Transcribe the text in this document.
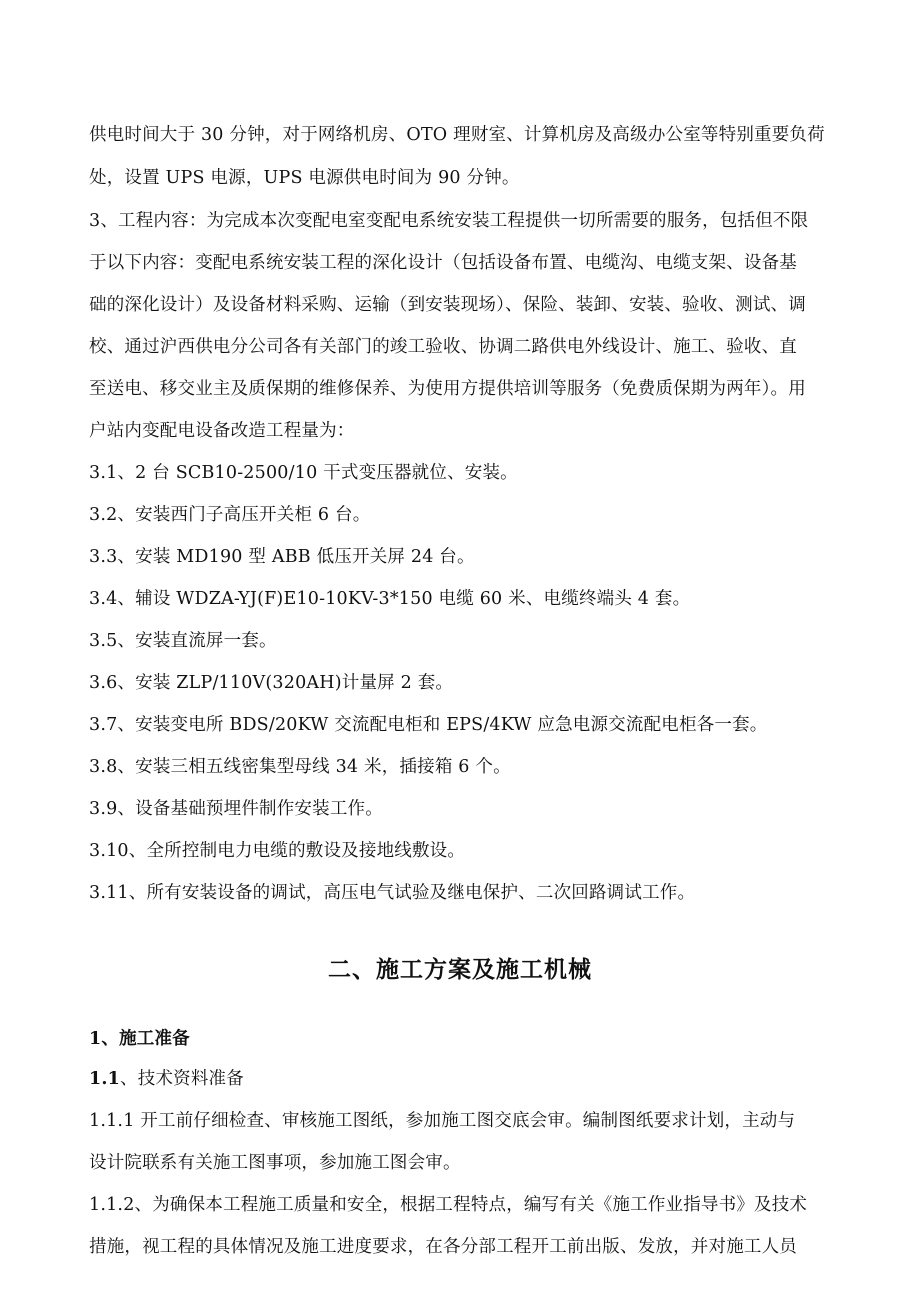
供电时间大于 30 分钟，对于网络机房、OTO 理财室、计算机房及高级办公室等特别重要负荷
处，设置 UPS 电源，UPS 电源供电时间为 90 分钟。
3、工程内容：为完成本次变配电室变配电系统安装工程提供一切所需要的服务，包括但不限
于以下内容：变配电系统安装工程的深化设计（包括设备布置、电缆沟、电缆支架、设备基
础的深化设计）及设备材料采购、运输（到安装现场）、保险、装卸、安装、验收、测试、调
校、通过沪西供电分公司各有关部门的竣工验收、协调二路供电外线设计、施工、验收、直
至送电、移交业主及质保期的维修保养、为使用方提供培训等服务（免费质保期为两年）。用
户站内变配电设备改造工程量为：
3.1、2 台 SCB10-2500/10 干式变压器就位、安装。
3.2、安装西门子高压开关柜 6 台。
3.3、安装 MD190 型 ABB 低压开关屏 24 台。
3.4、辅设 WDZA-YJ(F)E10-10KV-3*150 电缆 60 米、电缆终端头 4 套。
3.5、安装直流屏一套。
3.6、安装 ZLP/110V(320AH)计量屏 2 套。
3.7、安装变电所 BDS/20KW 交流配电柜和 EPS/4KW 应急电源交流配电柜各一套。
3.8、安装三相五线密集型母线 34 米，插接箱 6 个。
3.9、设备基础预埋件制作安装工作。
3.10、全所控制电力电缆的敷设及接地线敷设。
3.11、所有安装设备的调试，高压电气试验及继电保护、二次回路调试工作。
二、施工方案及施工机械
1、施工准备
1.1、技术资料准备
1.1.1 开工前仔细检查、审核施工图纸，参加施工图交底会审。编制图纸要求计划，主动与
设计院联系有关施工图事项，参加施工图会审。
1.1.2、为确保本工程施工质量和安全，根据工程特点，编写有关《施工作业指导书》及技术
措施，视工程的具体情况及施工进度要求，在各分部工程开工前出版、发放，并对施工人员
